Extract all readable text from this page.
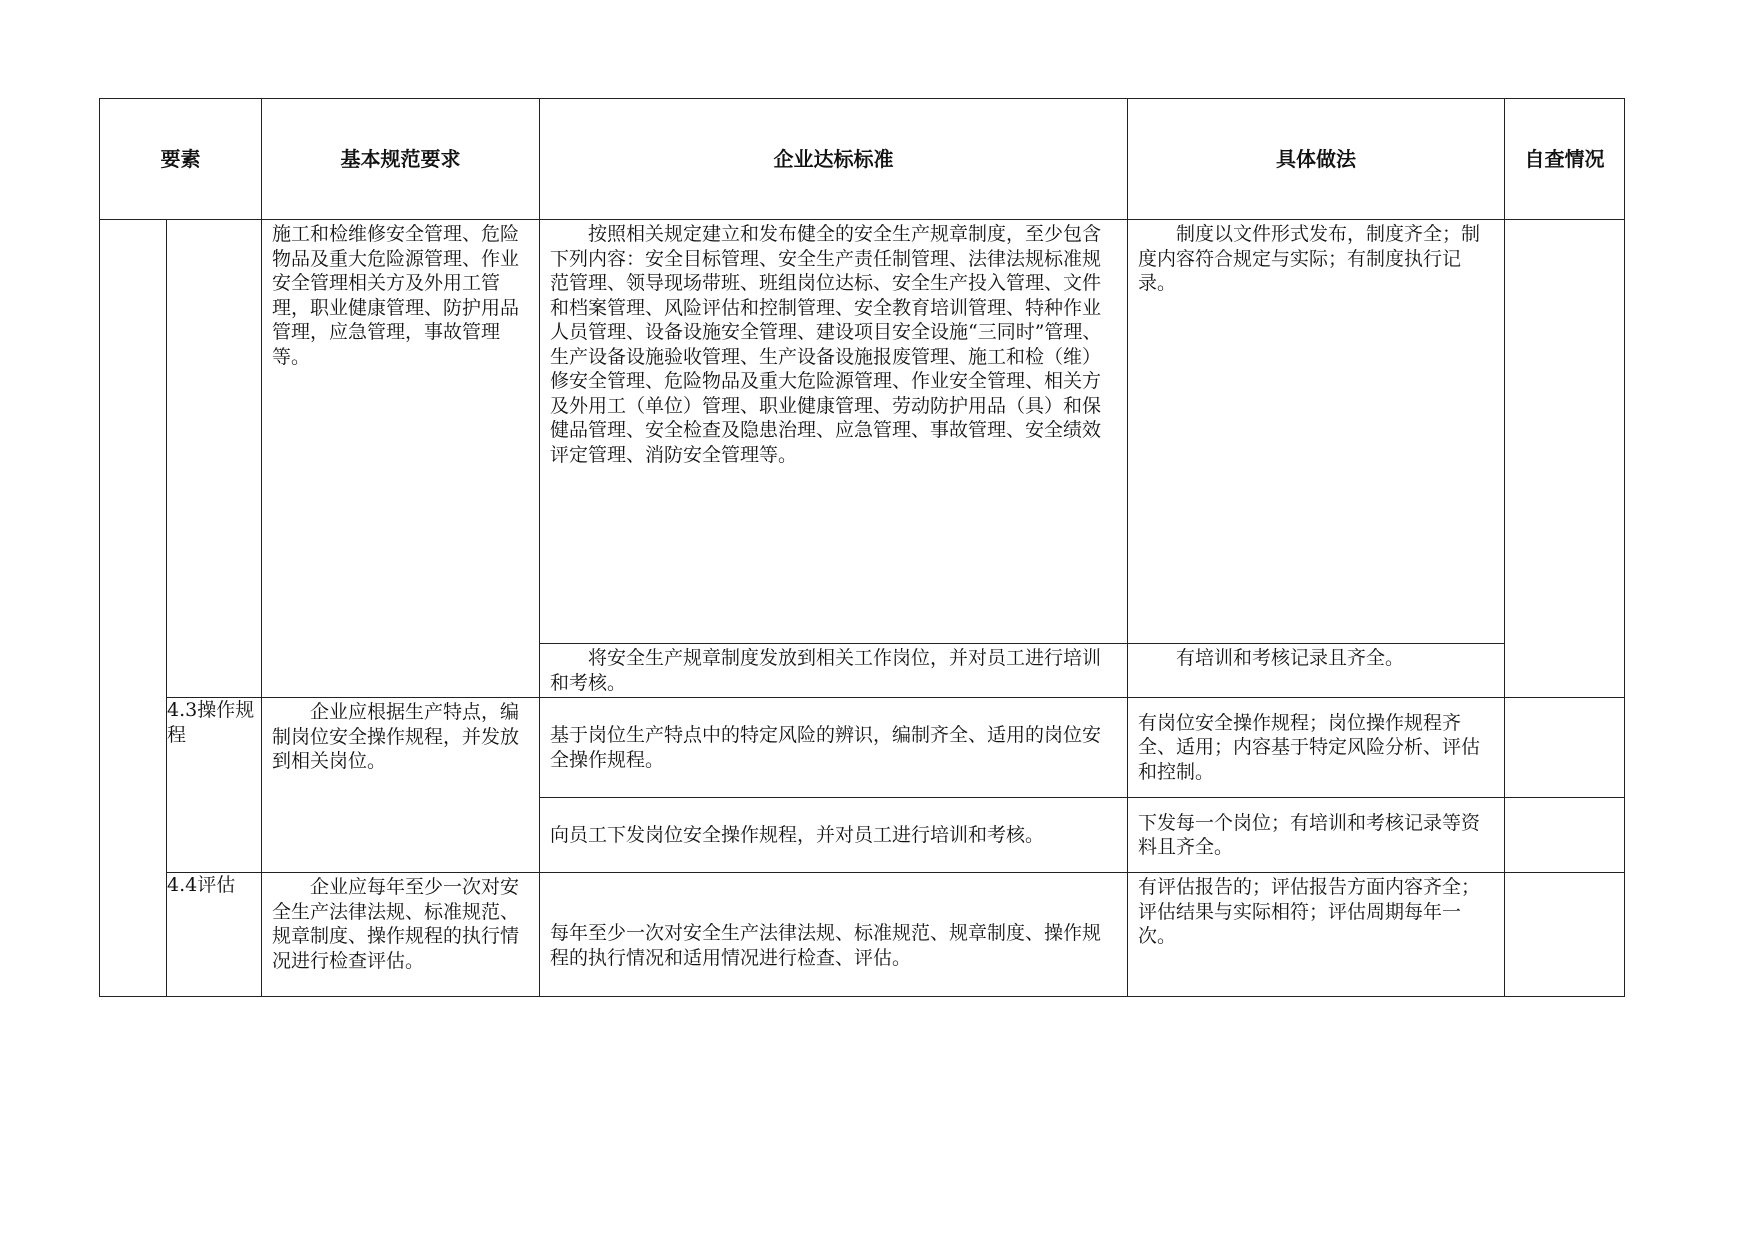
要素		基本规范要求	企业达标标准	具体做法	自查情况

		施工和检维修安全管理、危险物品及重大危险源管理、作业安全管理相关方及外用工管理，职业健康管理、防护用品管理，应急管理，事故管理等。	按照相关规定建立和发布健全的安全生产规章制度，至少包含下列内容：安全目标管理、安全生产责任制管理、法律法规标准规范管理、领导现场带班、班组岗位达标、安全生产投入管理、文件和档案管理、风险评估和控制管理、安全教育培训管理、特种作业人员管理、设备设施安全管理、建设项目安全设施“三同时”管理、生产设备设施验收管理、生产设备设施报废管理、施工和检（维）修安全管理、危险物品及重大危险源管理、作业安全管理、相关方及外用工（单位）管理、职业健康管理、劳动防护用品（具）和保健品管理、安全检查及隐患治理、应急管理、事故管理、安全绩效评定管理、消防安全管理等。	制度以文件形式发布，制度齐全；制度内容符合规定与实际；有制度执行记录。	

			将安全生产规章制度发放到相关工作岗位，并对员工进行培训和考核。	有培训和考核记录且齐全。	

	4.3操作规程	企业应根据生产特点，编制岗位安全操作规程，并发放到相关岗位。	基于岗位生产特点中的特定风险的辨识，编制齐全、适用的岗位安全操作规程。	有岗位安全操作规程；岗位操作规程齐全、适用；内容基于特定风险分析、评估和控制。	

			向员工下发岗位安全操作规程，并对员工进行培训和考核。	下发每一个岗位；有培训和考核记录等资料且齐全。	

	4.4评估	企业应每年至少一次对安全生产法律法规、标准规范、规章制度、操作规程的执行情况进行检查评估。	每年至少一次对安全生产法律法规、标准规范、规章制度、操作规程的执行情况和适用情况进行检查、评估。	有评估报告的；评估报告方面内容齐全；评估结果与实际相符；评估周期每年一次。	
